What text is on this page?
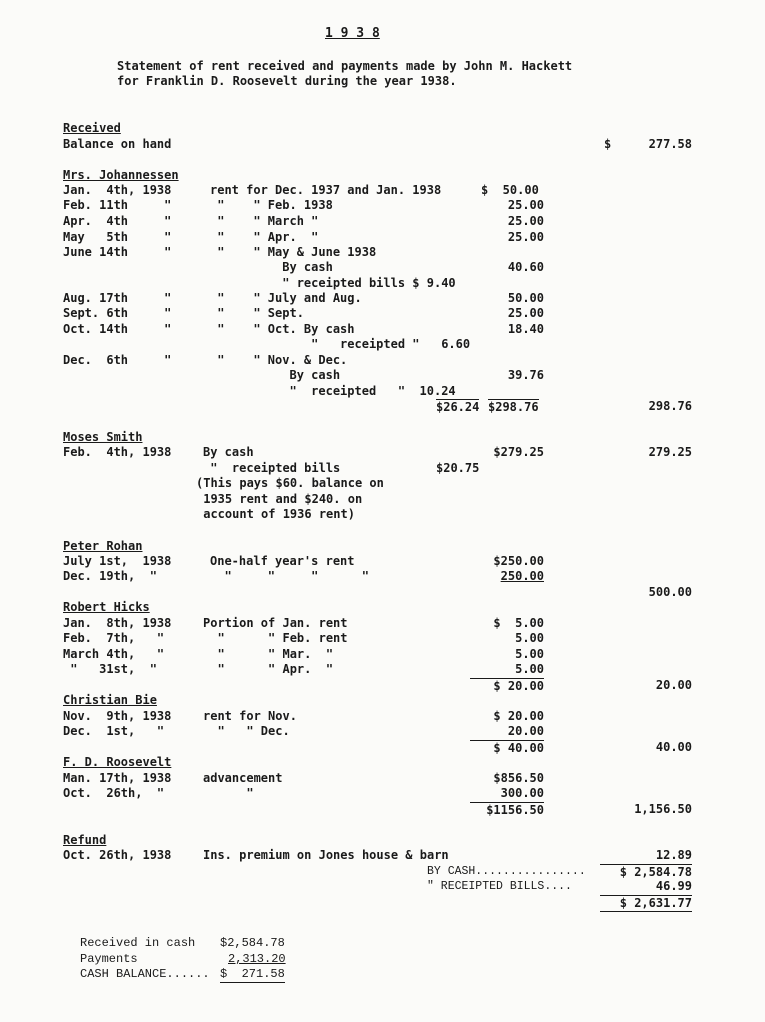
1 9 3 8
Statement of rent received and payments made by John M. Hackett
for Franklin D. Roosevelt during the year 1938.
Received
Balance on hand	$	277.58
Mrs. Johannessen
Jan.  4th, 1938	rent for Dec. 1937 and Jan. 1938	$  50.00
Feb. 11th     "	"    " Feb. 1938	25.00
Apr.  4th     "	"    " March "	25.00
May   5th     "	"    " Apr.  "	25.00
June 14th     "	"    " May & June 1938
By cash	40.60
" receipted bills $ 9.40
Aug. 17th     "	"    " July and Aug.	50.00
Sept. 6th     "	"    " Sept.	25.00
Oct. 14th     "	"    " Oct. By cash	18.40
"   receipted "   6.60
Dec.  6th     "	"    " Nov. & Dec.
By cash	39.76
"  receipted   "  10.24
$26.24 $298.76	298.76
Moses Smith
Feb.  4th, 1938	By cash	$279.25	279.25
"  receipted bills	$20.75
(This pays $60. balance on
1935 rent and $240. on
account of 1936 rent)
Peter Rohan
July 1st,  1938	One-half year's rent	$250.00
Dec. 19th,  "	"     "     "      "	250.00
500.00
Robert Hicks
Jan.  8th, 1938	Portion of Jan. rent	$  5.00
Feb.  7th,   "	"      " Feb. rent	5.00
March 4th,   "	"      " Mar.  "	5.00
"   31st,  "	"      " Apr.  "	5.00
$ 20.00	20.00
Christian Bie
Nov.  9th, 1938	rent for Nov.	$ 20.00
Dec.  1st,   "	"   " Dec.	20.00
$ 40.00	40.00
F. D. Roosevelt
Man. 17th, 1938	advancement	$856.50
Oct.  26th,  "	"	300.00
$1156.50	1,156.50
Refund
Oct. 26th, 1938	Ins. premium on Jones house & barn	12.89
BY CASH................	$ 2,584.78
" RECEIPTED BILLS....	46.99
$ 2,631.77
Received in cash $2,584.78
Payments	2,313.20
CASH BALANCE...... $  271.58
